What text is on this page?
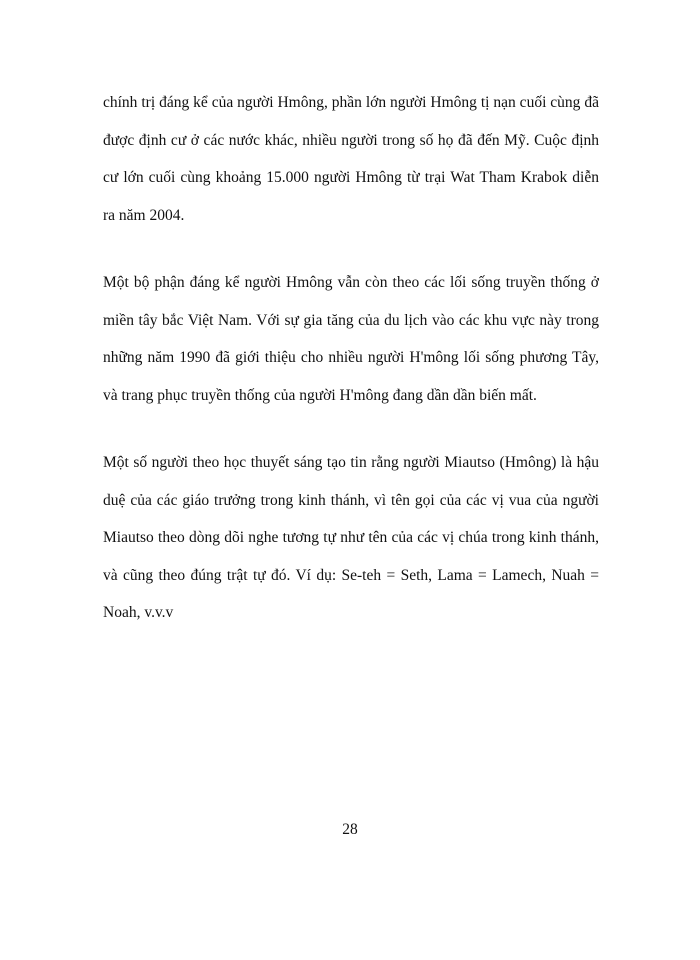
chính trị đáng kể của người Hmông, phần lớn người Hmông tị nạn cuối cùng đã được định cư ở các nước khác, nhiều người trong số họ đã đến Mỹ. Cuộc định cư lớn cuối cùng khoảng 15.000 người Hmông từ trại Wat Tham Krabok diễn ra năm 2004.

Một bộ phận đáng kể người Hmông vẫn còn theo các lối sống truyền thống ở miền tây bắc Việt Nam. Với sự gia tăng của du lịch vào các khu vực này trong những năm 1990 đã giới thiệu cho nhiều người H'mông lối sống phương Tây, và trang phục truyền thống của người H'mông đang dần dần biến mất.

Một số người theo học thuyết sáng tạo tin rằng người Miautso (Hmông) là hậu duệ của các giáo trưởng trong kinh thánh, vì tên gọi của các vị vua của người Miautso theo dòng dõi nghe tương tự như tên của các vị chúa trong kinh thánh, và cũng theo đúng trật tự đó. Ví dụ: Se-teh = Seth, Lama = Lamech, Nuah = Noah, v.v.v

28
